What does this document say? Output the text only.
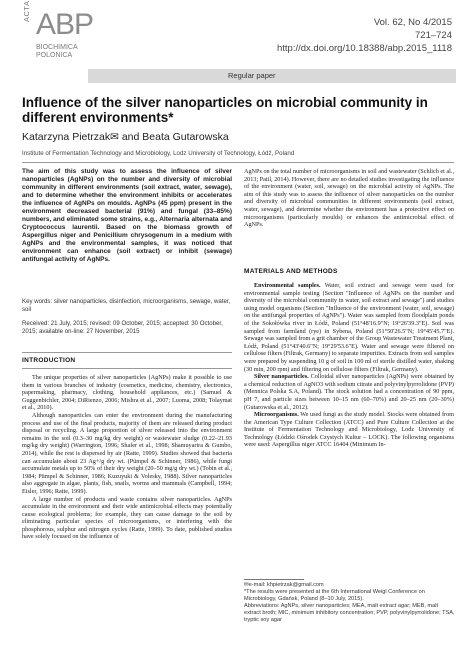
ACTA ABP
BIOCHIMICA
POLONICA
Vol. 62, No 4/2015
721–724
http://dx.doi.org/10.18388/abp.2015_1118
Regular paper
Influence of the silver nanoparticles on microbial community in different environments*
Katarzyna Pietrzak✉ and Beata Gutarowska
Institute of Fermentation Technology and Microbiology, Lodz University of Technology, Łódź, Poland
The aim of this study was to assess the influence of silver nanoparticles (AgNPs) on the number and diversity of microbial community in different environments (soil extract, water, sewage), and to determine whether the environment inhibits or accelerates the influence of AgNPs on moulds. AgNPs (45 ppm) present in the environment decreased bacterial (91%) and fungal (33–85%) numbers, and eliminated some strains, e.g., Alternaria alternata and Cryptococcus laurentii. Based on the biomass growth of Aspergillus niger and Penicillium chrysogenum in a medium with AgNPs and the environmental samples, it was noticed that environment can enhance (soil extract) or inhibit (sewage) antifungal activity of AgNPs.
Key words: silver nanoparticles, disinfection, microorganisms, sewage, water, soil
Received: 21 July, 2015; revised: 09 October, 2015; accepted: 30 October, 2015; available on-line: 27 November, 2015
INTRODUCTION

The unique properties of silver nanoparticles (AgNPs) make it possible to use them in various branches of industry (cosmetics, medicine, chemistry, electronics, papermaking, pharmacy, clothing, household appliances, etc.) (Samuel & Guggenbichler, 2004; DiRienzo, 2006; Mishra et al., 2007; Luoma, 2008; Tolaymat et al., 2010).

Although nanoparticles can enter the environment during the manufacturing process and use of the final products, majority of them are released during product disposal or recycling. A large proportion of silver released into the environment remains in the soil (0.3–30 mg/kg dry weight) or wastewater sludge (0.22–21.93 mg/kg dry weight) (Warrington, 1996; Shafer et al., 1998; Shamuyarira & Gumbo, 2014), while the rest is dispersed by air (Ratte, 1999). Studies showed that bacteria can accumulate about 23 Ag+/g dry wt. (Pümpel & Schinner, 1986), while fungi accumulate metals up to 50% of their dry weight (20–50 mg/g dry wt.) (Tobin et al., 1984; Pümpel & Schinner, 1986; Kuzuyuki & Volesky, 1988). Silver nanoparticles also aggregate in algae, plants, fish, snails, worms and mammals (Campbell, 1994; Eisler, 1996; Ratte, 1999).

A large number of products and waste contains silver nanoparticles. AgNPs accumulate in the environment and their wide antimicrobial effects may potentially cause ecological problems; for example, they can cause damage to the soil by eliminating particular species of microorganisms, or interfering with the phosphorous, sulphur and nitrogen cycles (Ratte, 1999). To date, published studies have solely focused on the influence of

AgNPs on the total number of microorganisms in soil and wastewater (Schlich et al., 2013; Patil, 2014). However, there are no detailed studies investigating the influence of the environment (water, soil, sewage) on the microbial activity of AgNPs. The aim of this study was to assess the influence of silver nanoparticles on the number and diversity of microbial communities in different environments (soil extract, water, sewage), and determine whether the environment has a protective effect on microorganisms (particularly moulds) or enhances the antimicrobial effect of AgNPs.
MATERIALS AND METHODS

Environmental samples. Water, soil extract and sewage were used for environmental sample testing (Section "Influence of AgNPs on the number and diversity of the microbial community in water, soil extract and sewage") and studies using model organisms (Section "Influence of the environment (water, soil, sewage) on the antifungal properties of AgNPs"). Water was sampled from floodplain ponds of the Sokołówka river in Łódź, Poland (51°48'16.9"N; 19°26'39.3"E). Soil was sampled from farmland (rye) in Sybena, Poland (51°50'26.5"N; 19°45'45.7"E). Sewage was sampled from a grit chamber of the Group Wastewater Treatment Plant, Łódź, Poland (51°43'40.6"N; 19°29'53.6"E). Water and sewage were filtered on cellulose filters (Filtrak, Germany) to separate impurities. Extracts from soil samples were prepared by suspending 10 g of soil in 100 ml of sterile distilled water, shaking (30 min, 200 rpm) and filtering on cellulose filters (Filtrak, Germany).

Silver nanoparticles. Colloidal silver nanoparticles (AgNPs) were obtained by a chemical reduction of AgNO3 with sodium citrate and polyvinylpyrrolidone (PVP) (Mennica Polska S.A, Poland). The stock solution had a concentration of 90 ppm, pH 7, and particle sizes between 10–15 nm (60–70%) and 20–25 nm (20–30%) (Gutarowska et al., 2012).

Microorganisms. We used fungi as the study model. Stocks were obtained from the American Type Culture Collection (ATCC) and Pure Culture Collection at the Institute of Fermentation Technology and Microbiology, Lodz University of Technology (Łódzki Ośrodek Czystych Kultur – LOCK). The following organisms were used: Aspergillus niger ATCC 16404 (Minimum In-

✉e-mail: khpietrzak@gmail.com
*The results were presented at the 6th International Weigl Conference on Microbiology, Gdańsk, Poland (8–10 July, 2015).
Abbreviations: AgNPs, silver nanoparticles; MEA, malt extract agar; MEB, malt extract broth; MIC, minimum inhibitory concentration; PVP, polyvinylpyrrolidone; TSA, tryptic soy agar
